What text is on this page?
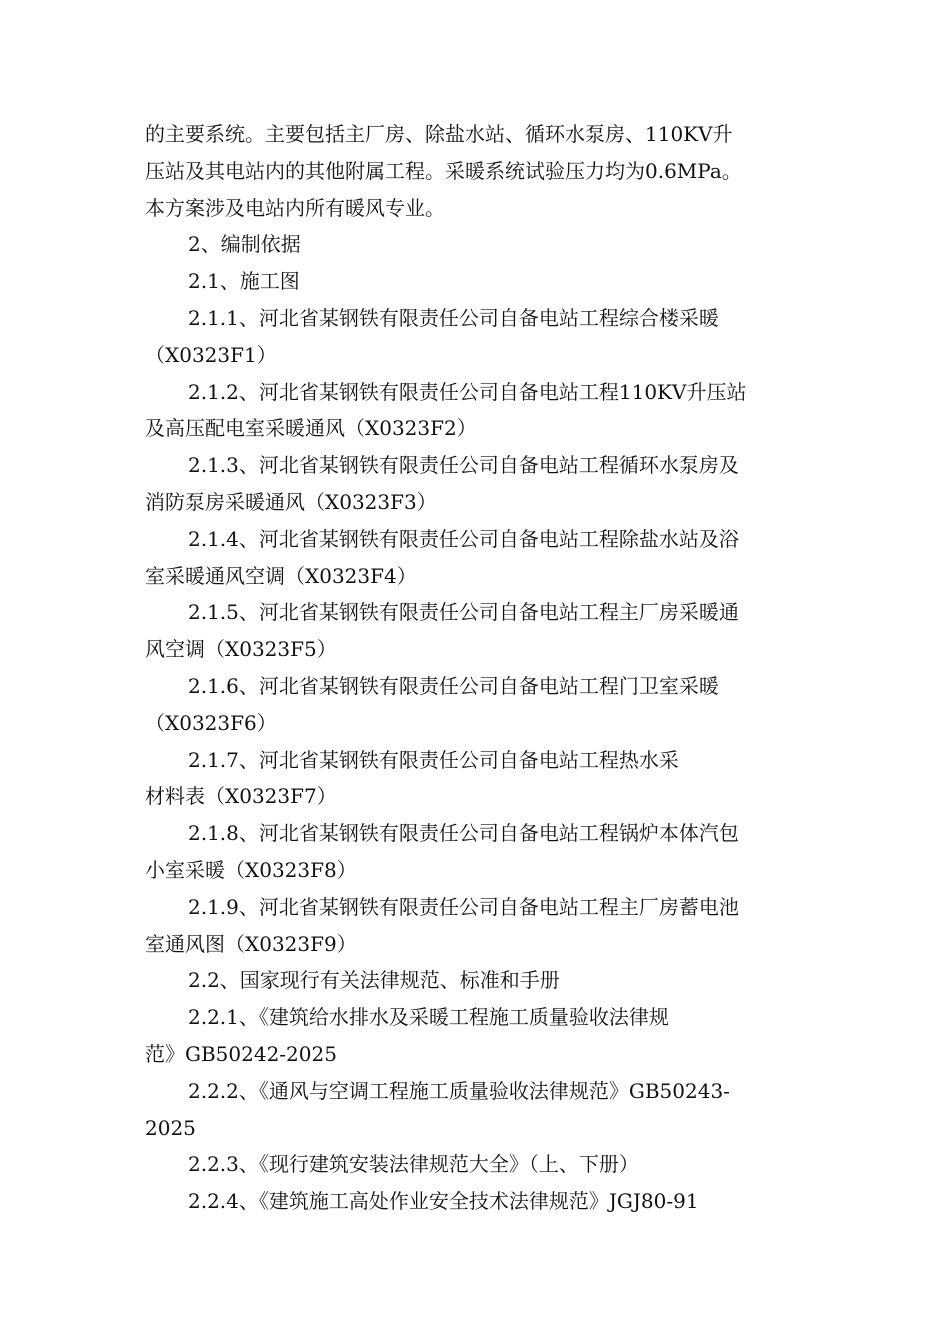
的主要系统。主要包括主厂房、除盐水站、循环水泵房、110KV升
压站及其电站内的其他附属工程。采暖系统试验压力均为0.6MPa。
本方案涉及电站内所有暖风专业。
2、编制依据
2.1、施工图
2.1.1、河北省某钢铁有限责任公司自备电站工程综合楼采暖
（X0323F1）
2.1.2、河北省某钢铁有限责任公司自备电站工程110KV升压站
及高压配电室采暖通风（X0323F2）
2.1.3、河北省某钢铁有限责任公司自备电站工程循环水泵房及
消防泵房采暖通风（X0323F3）
2.1.4、河北省某钢铁有限责任公司自备电站工程除盐水站及浴
室采暖通风空调（X0323F4）
2.1.5、河北省某钢铁有限责任公司自备电站工程主厂房采暖通
风空调（X0323F5）
2.1.6、河北省某钢铁有限责任公司自备电站工程门卫室采暖
（X0323F6）
2.1.7、河北省某钢铁有限责任公司自备电站工程热水采
材料表（X0323F7）
2.1.8、河北省某钢铁有限责任公司自备电站工程锅炉本体汽包
小室采暖（X0323F8）
2.1.9、河北省某钢铁有限责任公司自备电站工程主厂房蓄电池
室通风图（X0323F9）
2.2、国家现行有关法律规范、标准和手册
2.2.1、《建筑给水排水及采暖工程施工质量验收法律规
范》GB50242-2025
2.2.2、《通风与空调工程施工质量验收法律规范》GB50243-
2025
2.2.3、《现行建筑安装法律规范大全》（上、下册）
2.2.4、《建筑施工高处作业安全技术法律规范》JGJ80-91
